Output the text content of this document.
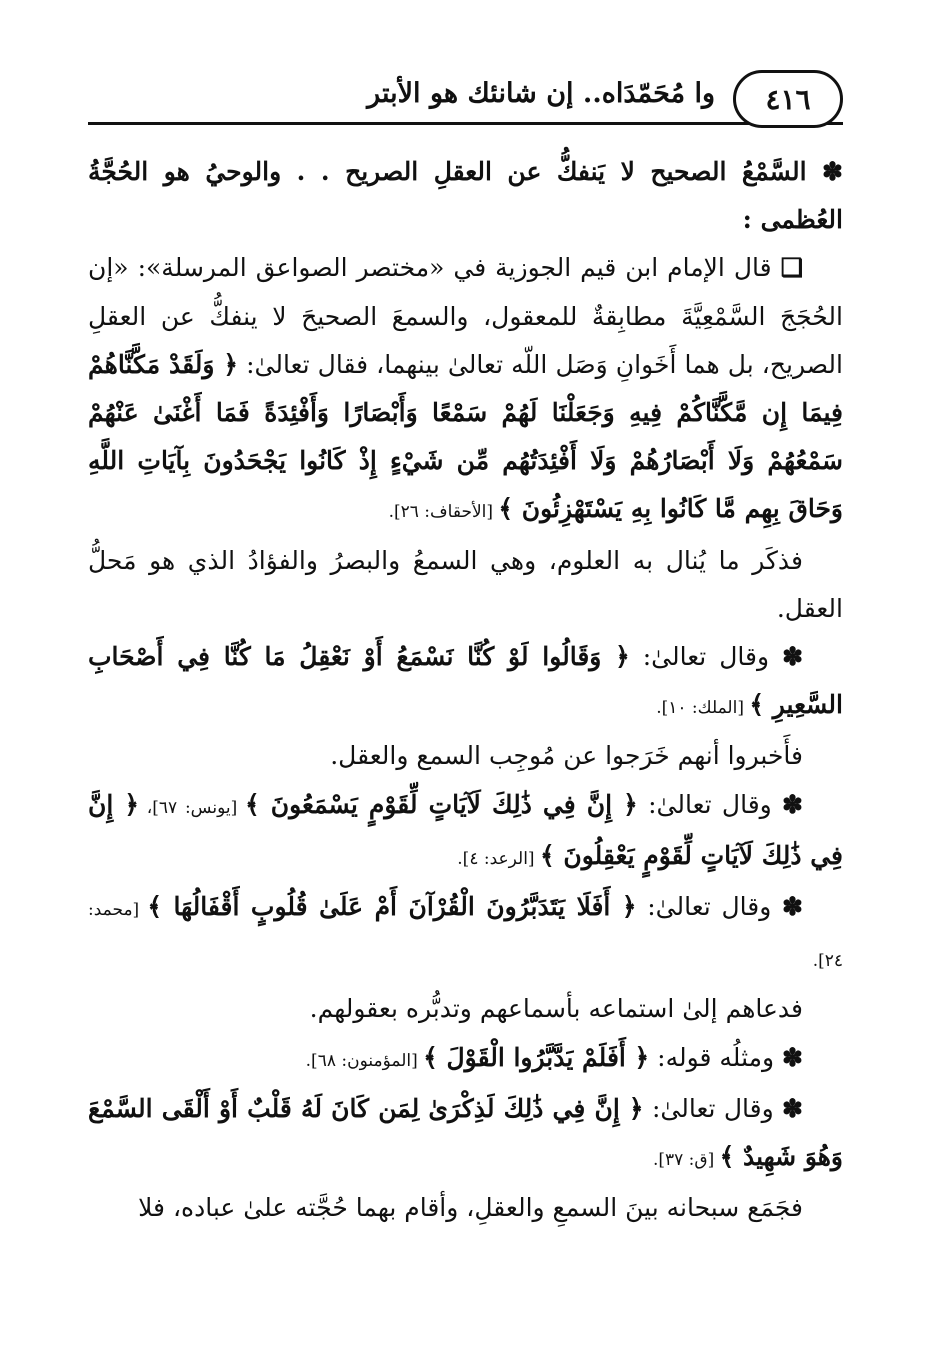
٤١٦
وا مُحَمّدَاه.. إن شانئك هو الأبتر

✽ السَّمْعُ الصحيح لا يَنفكُّ عن العقلِ الصريح . . والوحيُ هو الحُجَّةُ العُظمى :

❑ قال الإمام ابن قيم الجوزية في «مختصر الصواعق المرسلة»: «إن الحُجَجَ السَّمْعِيَّةَ مطابِقةٌ للمعقول، والسمعَ الصحيحَ لا ينفكُّ عن العقلِ الصريح، بل هما أَخَوانِ وَصَل اللّه تعالىٰ بينهما، فقال تعالىٰ: ﴿ وَلَقَدْ مَكَّنَّاهُمْ فِيمَا إِن مَّكَّنَّاكُمْ فِيهِ وَجَعَلْنَا لَهُمْ سَمْعًا وَأَبْصَارًا وَأَفْئِدَةً فَمَا أَغْنَىٰ عَنْهُمْ سَمْعُهُمْ وَلَا أَبْصَارُهُمْ وَلَا أَفْئِدَتُهُم مِّن شَيْءٍ إِذْ كَانُوا يَجْحَدُونَ بِآيَاتِ اللَّهِ وَحَاقَ بِهِم مَّا كَانُوا بِهِ يَسْتَهْزِئُونَ ﴾ [الأحقاف: ٢٦].

فذكَر ما يُنال به العلوم، وهي السمعُ والبصرُ والفؤادُ الذي هو مَحلُّ العقل.

✽ وقال تعالىٰ: ﴿ وَقَالُوا لَوْ كُنَّا نَسْمَعُ أَوْ نَعْقِلُ مَا كُنَّا فِي أَصْحَابِ السَّعِيرِ ﴾ [الملك: ١٠].

فأَخبروا أنهم خَرَجوا عن مُوجِب السمع والعقل.

✽ وقال تعالىٰ: ﴿ إِنَّ فِي ذَٰلِكَ لَآيَاتٍ لِّقَوْمٍ يَسْمَعُونَ ﴾ [يونس: ٦٧]، ﴿ إِنَّ فِي ذَٰلِكَ لَآيَاتٍ لِّقَوْمٍ يَعْقِلُونَ ﴾ [الرعد: ٤].

✽ وقال تعالىٰ: ﴿ أَفَلَا يَتَدَبَّرُونَ الْقُرْآنَ أَمْ عَلَىٰ قُلُوبٍ أَقْفَالُهَا ﴾ [محمد: ٢٤].

فدعاهم إلىٰ استماعه بأسماعهم وتدبُّره بعقولهم.

✽ ومثلُه قوله: ﴿ أَفَلَمْ يَدَّبَّرُوا الْقَوْلَ ﴾ [المؤمنون: ٦٨].

✽ وقال تعالىٰ: ﴿ إِنَّ فِي ذَٰلِكَ لَذِكْرَىٰ لِمَن كَانَ لَهُ قَلْبٌ أَوْ أَلْقَى السَّمْعَ وَهُوَ شَهِيدٌ ﴾ [ق: ٣٧].

فجَمَع سبحانه بينَ السمعِ والعقلِ، وأقام بهما حُجَّته علىٰ عباده، فلا
